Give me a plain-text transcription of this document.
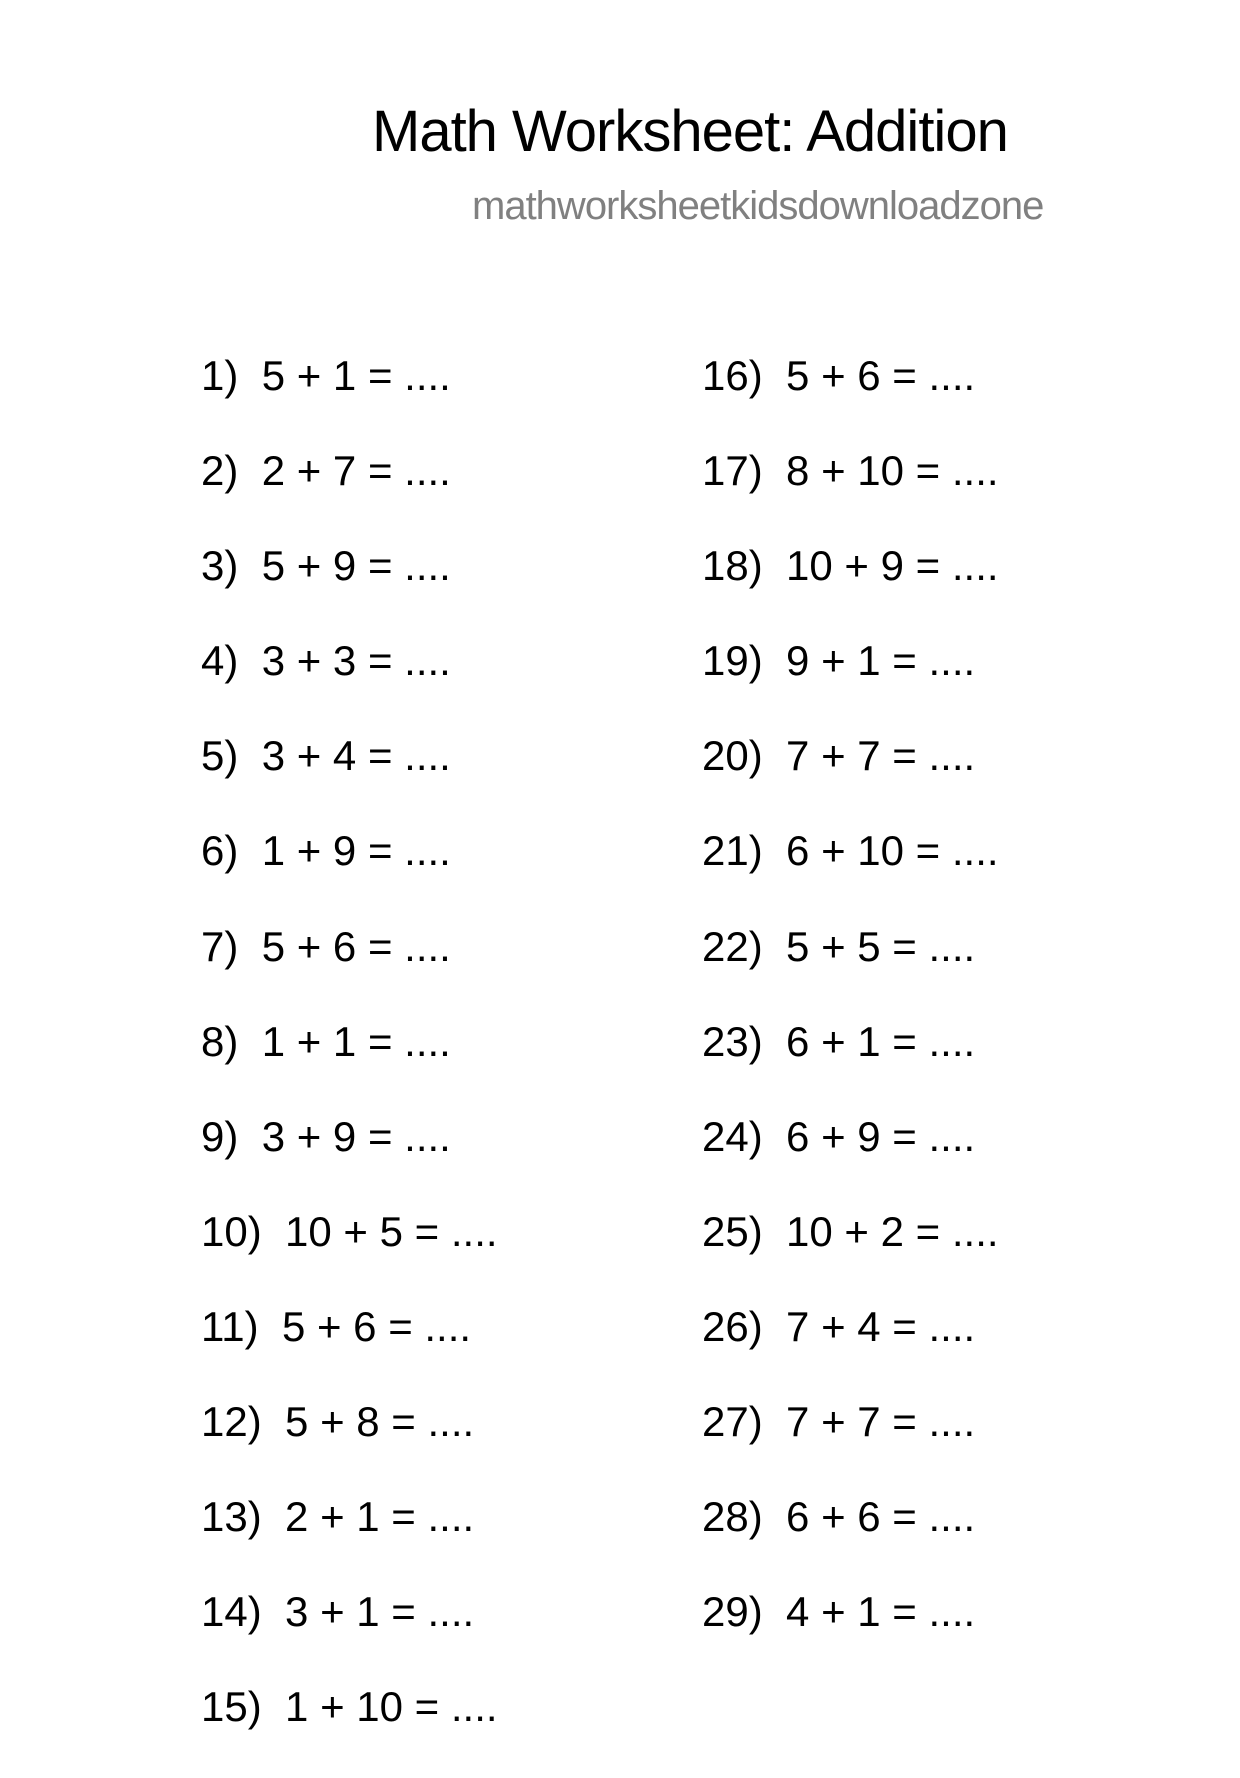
Math Worksheet: Addition
mathworksheetkidsdownloadzone
1) 5 + 1 = ....
2) 2 + 7 = ....
3) 5 + 9 = ....
4) 3 + 3 = ....
5) 3 + 4 = ....
6) 1 + 9 = ....
7) 5 + 6 = ....
8) 1 + 1 = ....
9) 3 + 9 = ....
10) 10 + 5 = ....
11) 5 + 6 = ....
12) 5 + 8 = ....
13) 2 + 1 = ....
14) 3 + 1 = ....
15) 1 + 10 = ....
16) 5 + 6 = ....
17) 8 + 10 = ....
18) 10 + 9 = ....
19) 9 + 1 = ....
20) 7 + 7 = ....
21) 6 + 10 = ....
22) 5 + 5 = ....
23) 6 + 1 = ....
24) 6 + 9 = ....
25) 10 + 2 = ....
26) 7 + 4 = ....
27) 7 + 7 = ....
28) 6 + 6 = ....
29) 4 + 1 = ....
